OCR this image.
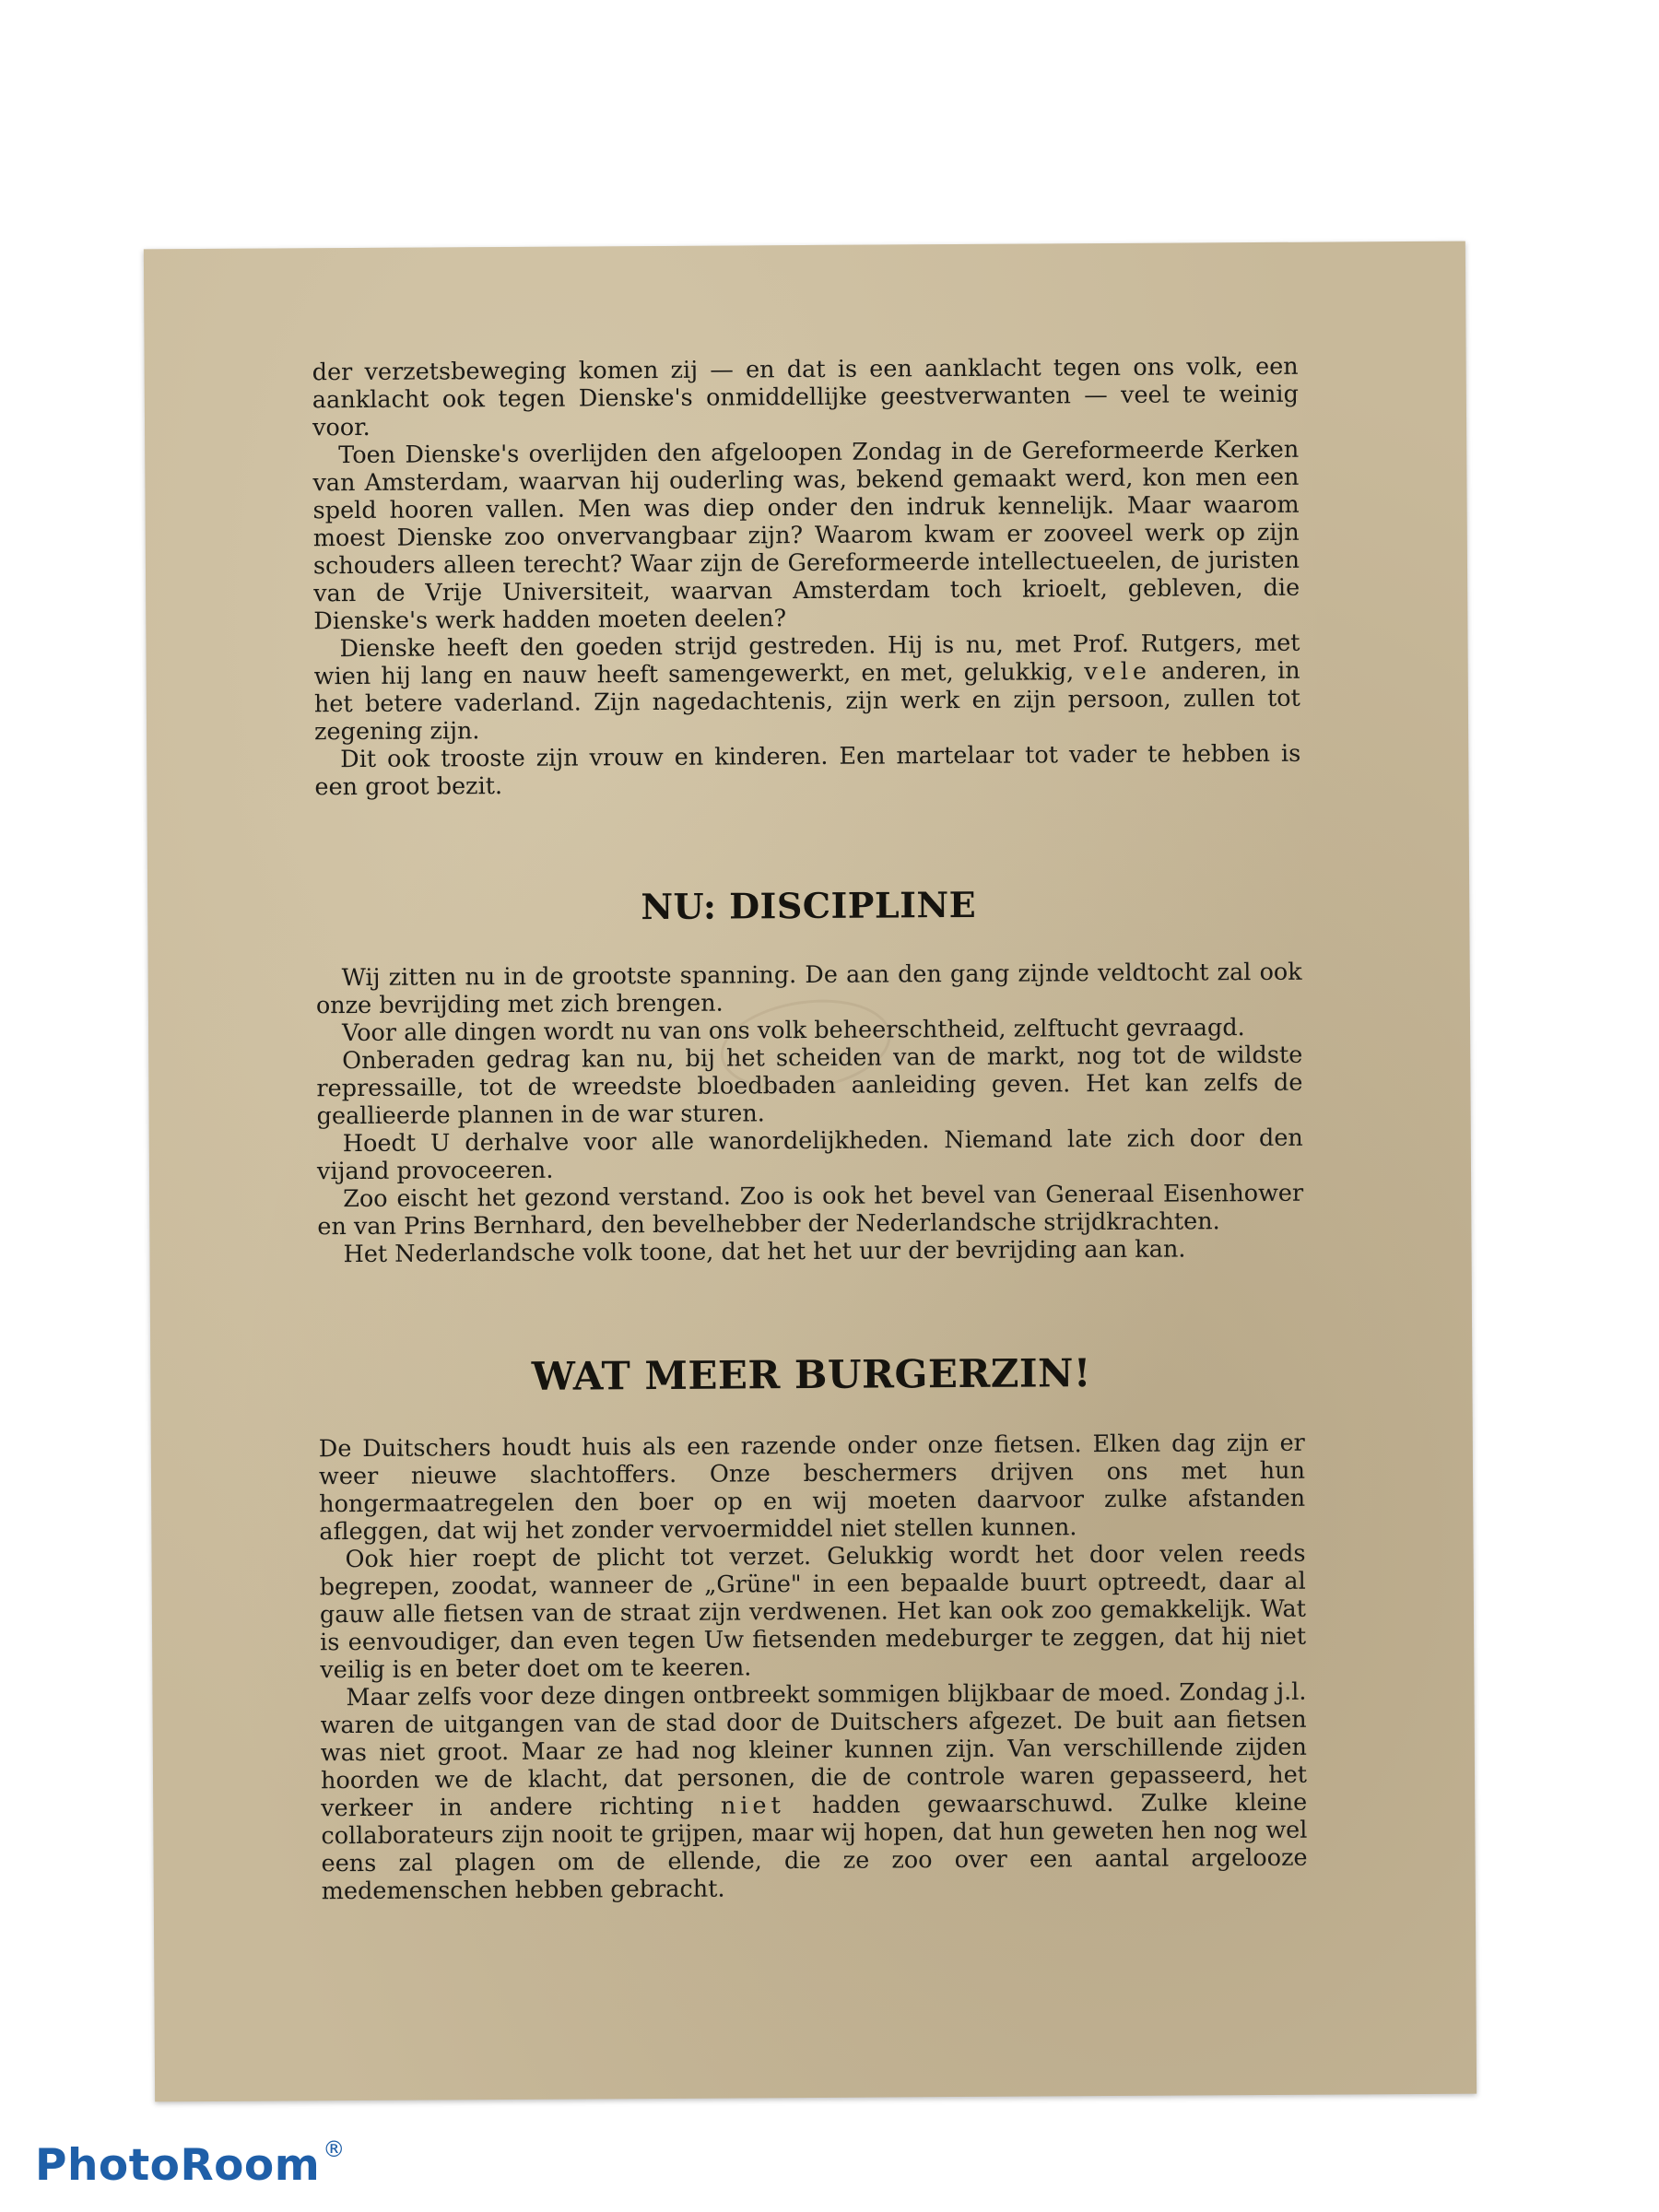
der verzetsbeweging komen zij — en dat is een aanklacht tegen ons volk, een aanklacht ook tegen Dienske's onmiddellijke geestverwanten — veel te weinig voor.

Toen Dienske's overlijden den afgeloopen Zondag in de Gereformeerde Kerken van Amsterdam, waarvan hij ouderling was, bekend gemaakt werd, kon men een speld hooren vallen. Men was diep onder den indruk kennelijk. Maar waarom moest Dienske zoo onvervangbaar zijn? Waarom kwam er zooveel werk op zijn schouders alleen terecht? Waar zijn de Gereformeerde intellectueelen, de juristen van de Vrije Universiteit, waarvan Amsterdam toch krioelt, gebleven, die Dienske's werk hadden moeten deelen?

Dienske heeft den goeden strijd gestreden. Hij is nu, met Prof. Rutgers, met wien hij lang en nauw heeft samengewerkt, en met, gelukkig, vele anderen, in het betere vaderland. Zijn nagedachtenis, zijn werk en zijn persoon, zullen tot zegening zijn.

Dit ook trooste zijn vrouw en kinderen. Een martelaar tot vader te hebben is een groot bezit.

NU: DISCIPLINE

Wij zitten nu in de grootste spanning. De aan den gang zijnde veldtocht zal ook onze bevrijding met zich brengen.

Voor alle dingen wordt nu van ons volk beheerschtheid, zelftucht gevraagd.

Onberaden gedrag kan nu, bij het scheiden van de markt, nog tot de wildste repressaille, tot de wreedste bloedbaden aanleiding geven. Het kan zelfs de geallieerde plannen in de war sturen.

Hoedt U derhalve voor alle wanordelijkheden. Niemand late zich door den vijand provoceeren.

Zoo eischt het gezond verstand. Zoo is ook het bevel van Generaal Eisenhower en van Prins Bernhard, den bevelhebber der Nederlandsche strijdkrachten.

Het Nederlandsche volk toone, dat het het uur der bevrijding aan kan.

WAT MEER BURGERZIN!

De Duitschers houdt huis als een razende onder onze fietsen. Elken dag zijn er weer nieuwe slachtoffers. Onze beschermers drijven ons met hun hongermaatregelen den boer op en wij moeten daarvoor zulke afstanden afleggen, dat wij het zonder vervoermiddel niet stellen kunnen.

Ook hier roept de plicht tot verzet. Gelukkig wordt het door velen reeds begrepen, zoodat, wanneer de „Grüne" in een bepaalde buurt optreedt, daar al gauw alle fietsen van de straat zijn verdwenen. Het kan ook zoo gemakkelijk. Wat is eenvoudiger, dan even tegen Uw fietsenden medeburger te zeggen, dat hij niet veilig is en beter doet om te keeren.

Maar zelfs voor deze dingen ontbreekt sommigen blijkbaar de moed. Zondag j.l. waren de uitgangen van de stad door de Duitschers afgezet. De buit aan fietsen was niet groot. Maar ze had nog kleiner kunnen zijn. Van verschillende zijden hoorden we de klacht, dat personen, die de controle waren gepasseerd, het verkeer in andere richting niet hadden gewaarschuwd. Zulke kleine collaborateurs zijn nooit te grijpen, maar wij hopen, dat hun geweten hen nog wel eens zal plagen om de ellende, die ze zoo over een aantal argelooze medemenschen hebben gebracht.

PhotoRoom ®
